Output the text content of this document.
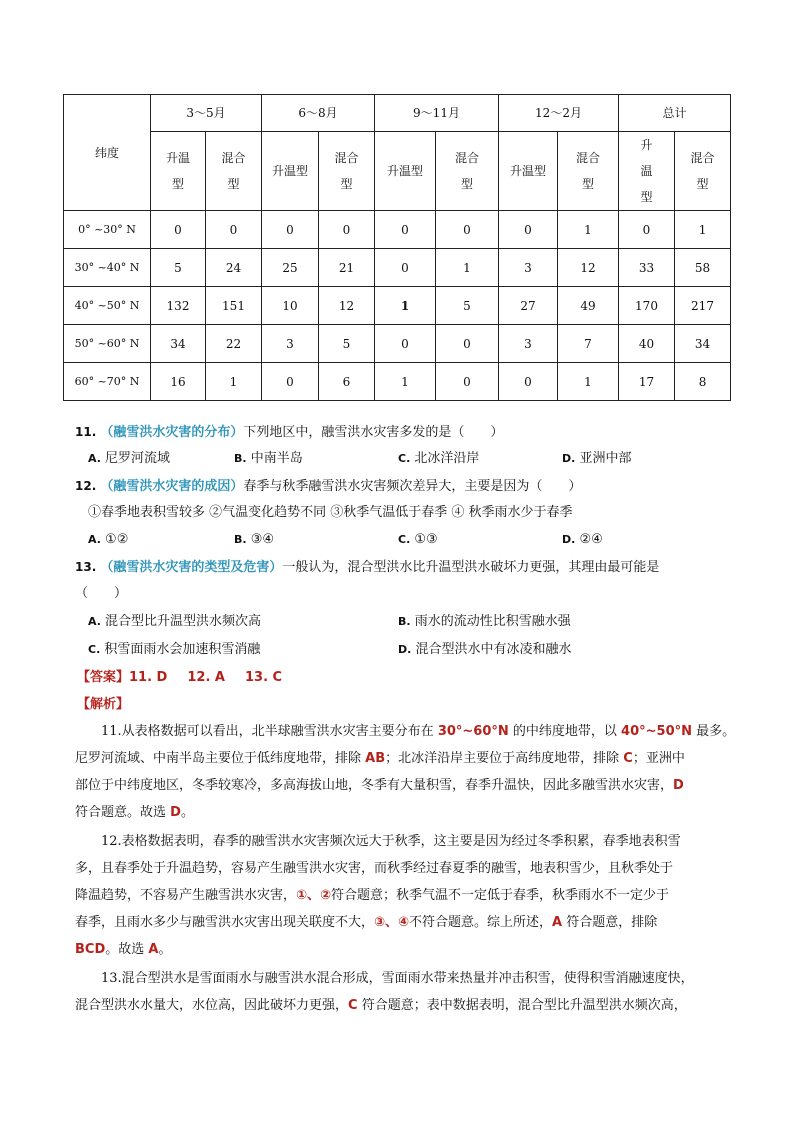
纬度	3～5月		6～8月		9～11月		12～2月		总计	
	升温型	混合型	升温型	混合型	升温型	混合型	升温型	混合型	升温型	混合型
0° ~30° N	0	0	0	0	0	0	0	1	0	1
30° ~40° N	5	24	25	21	0	1	3	12	33	58
40° ~50° N	132	151	10	12	1	5	27	49	170	217
50° ~60° N	34	22	3	5	0	0	3	7	40	34
60° ~70° N	16	1	0	6	1	0	0	1	17	8
11. （融雪洪水灾害的分布）下列地区中，融雪洪水灾害多发的是（　　）
A. 尼罗河流域	B. 中南半岛	C. 北冰洋沿岸	D. 亚洲中部
12. （融雪洪水灾害的成因）春季与秋季融雪洪水灾害频次差异大，主要是因为（　　）
①春季地表积雪较多 ②气温变化趋势不同 ③秋季气温低于春季 ④ 秋季雨水少于春季
A. ①②	B. ③④	C. ①③	D. ②④
13. （融雪洪水灾害的类型及危害）一般认为，混合型洪水比升温型洪水破坏力更强，其理由最可能是
（　　）
A. 混合型比升温型洪水频次高	B. 雨水的流动性比积雪融水强
C. 积雪面雨水会加速积雪消融	D. 混合型洪水中有冰凌和融水
【答案】11. D 12. A 13. C
【解析】
11.从表格数据可以看出，北半球融雪洪水灾害主要分布在 30°~60°N 的中纬度地带，以 40°~50°N 最多。
尼罗河流域、中南半岛主要位于低纬度地带，排除 AB；北冰洋沿岸主要位于高纬度地带，排除 C；亚洲中
部位于中纬度地区，冬季较寒冷，多高海拔山地，冬季有大量积雪，春季升温快，因此多融雪洪水灾害，D
符合题意。故选 D。
12.表格数据表明，春季的融雪洪水灾害频次远大于秋季，这主要是因为经过冬季积累，春季地表积雪
多，且春季处于升温趋势，容易产生融雪洪水灾害，而秋季经过春夏季的融雪，地表积雪少，且秋季处于
降温趋势，不容易产生融雪洪水灾害，①、②符合题意；秋季气温不一定低于春季，秋季雨水不一定少于
春季，且雨水多少与融雪洪水灾害出现关联度不大，③、④不符合题意。综上所述，A 符合题意，排除
BCD。故选 A。
13.混合型洪水是雪面雨水与融雪洪水混合形成，雪面雨水带来热量并冲击积雪，使得积雪消融速度快，
混合型洪水水量大，水位高，因此破坏力更强，C 符合题意；表中数据表明，混合型比升温型洪水频次高，
